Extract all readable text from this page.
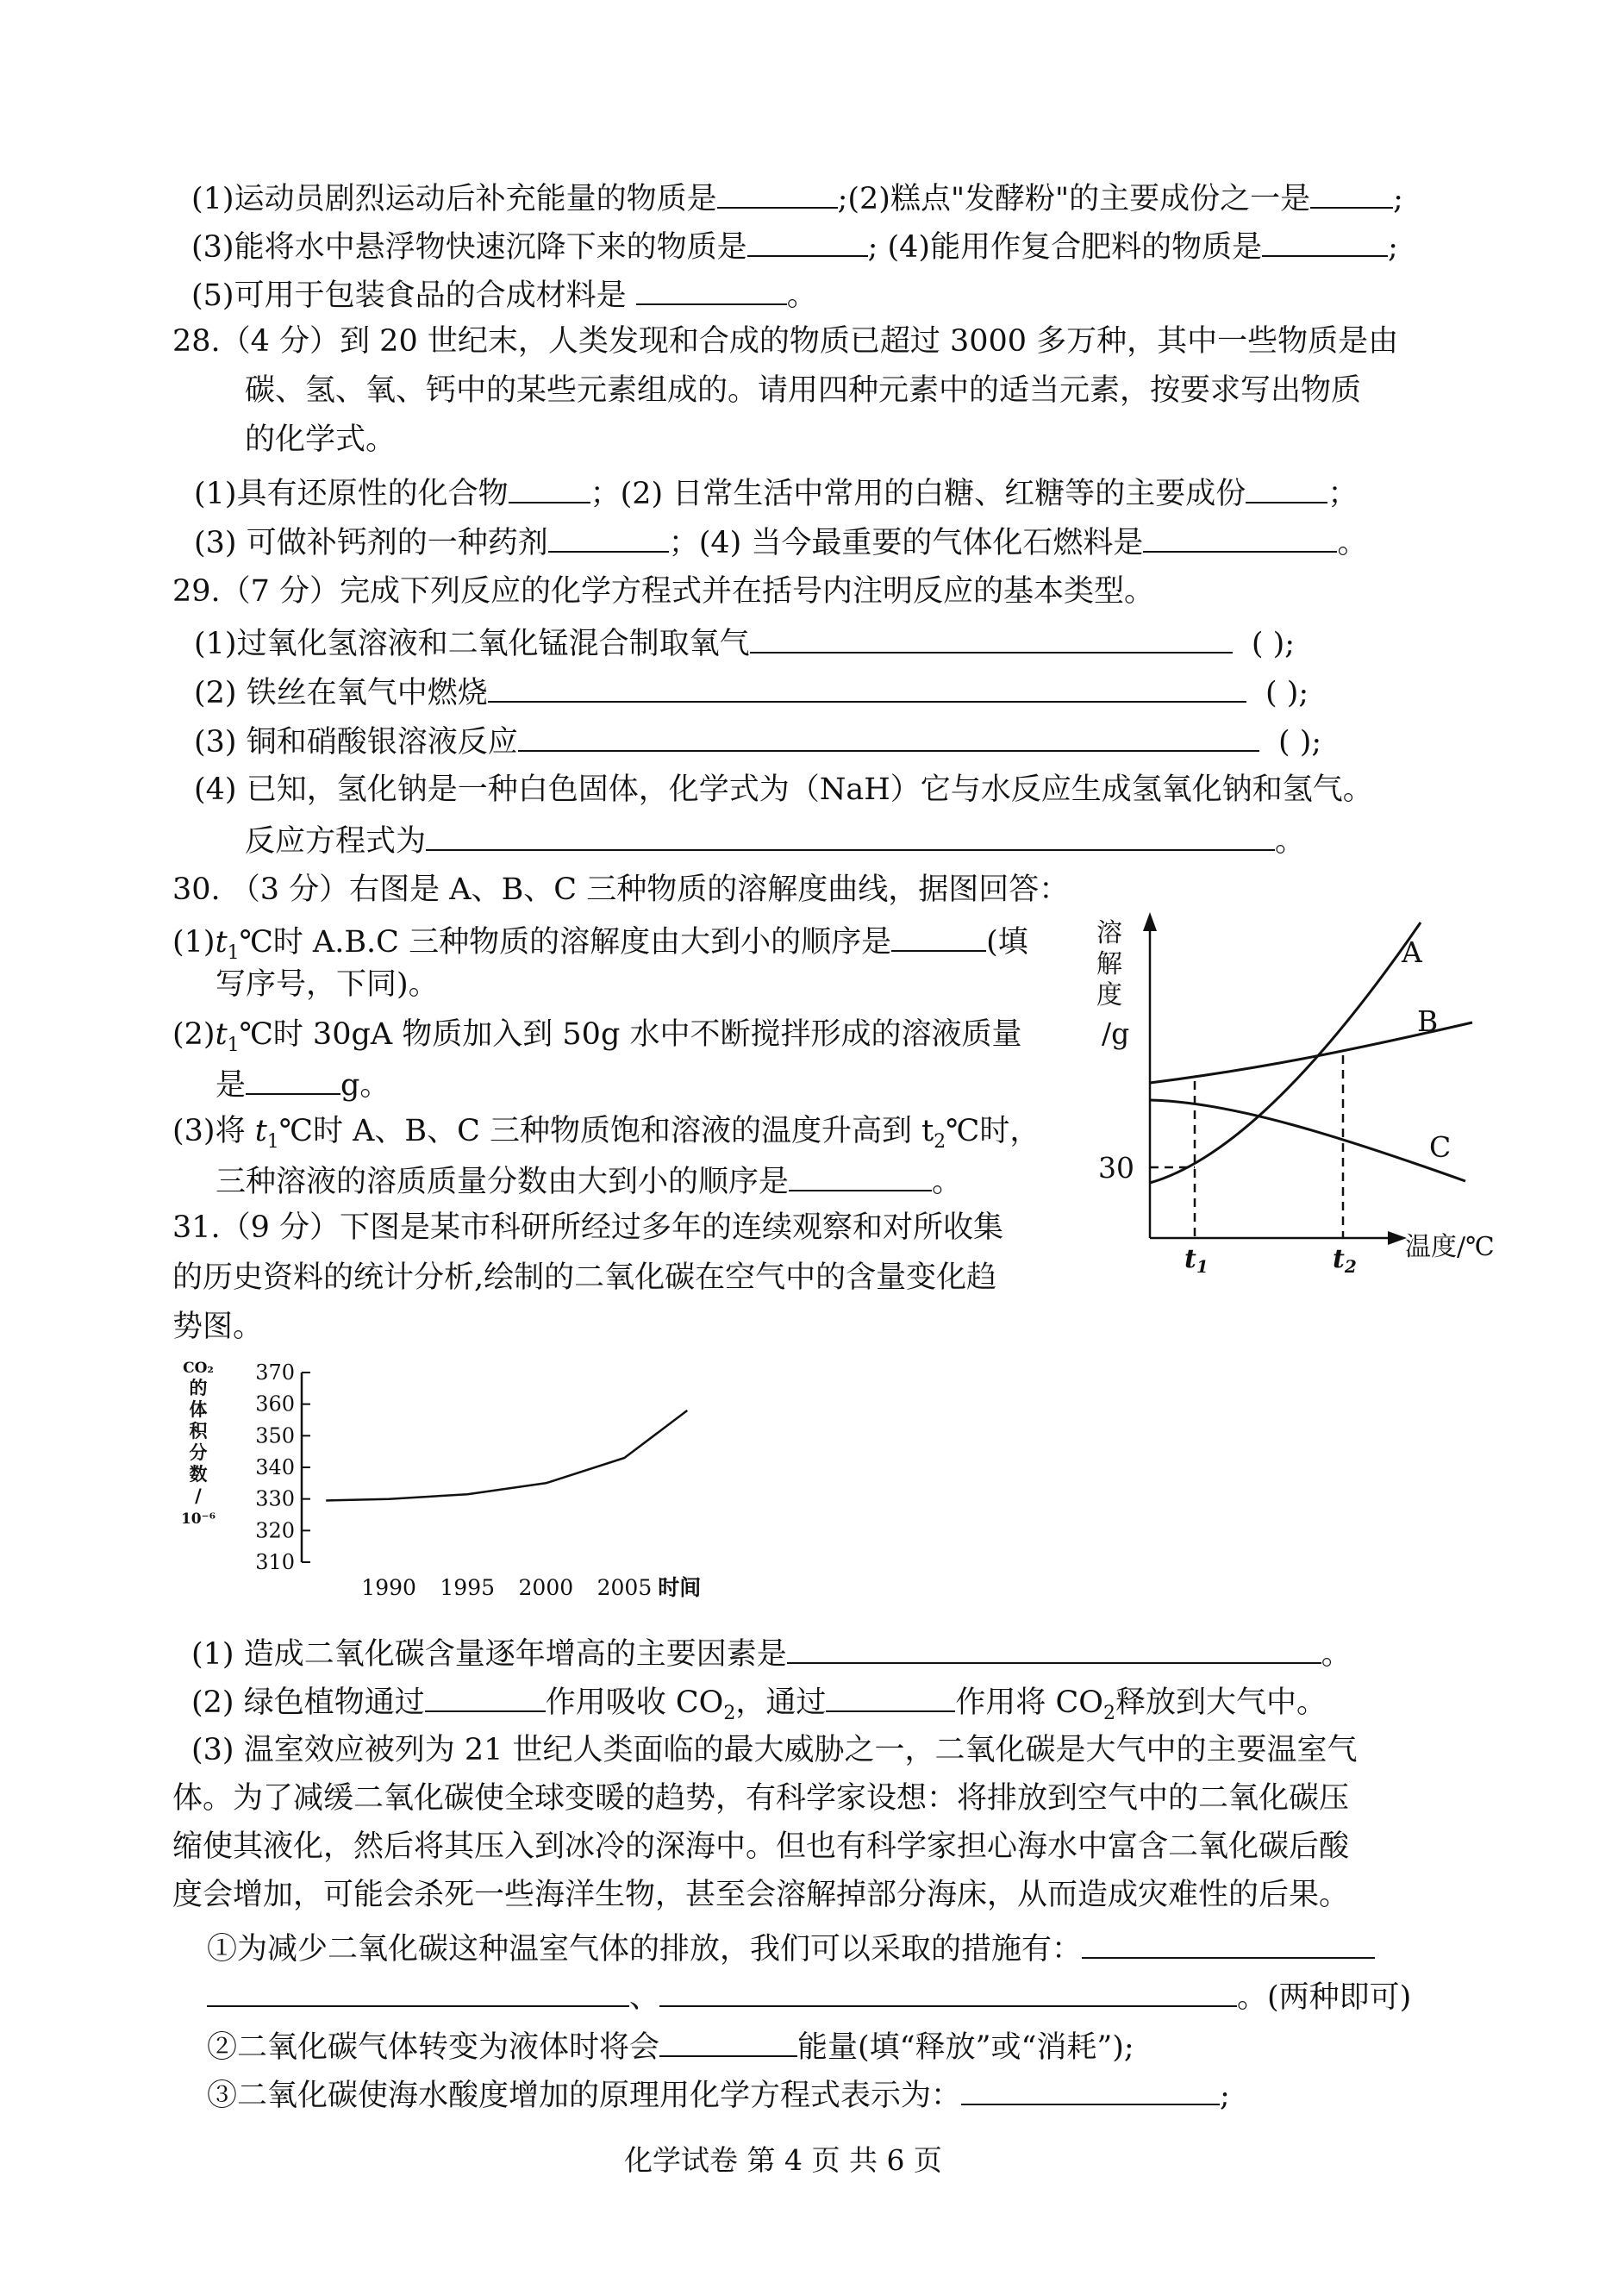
(1)运动员剧烈运动后补充能量的物质是	;(2)糕点"发酵粉"的主要成份之一是	;
(3)能将水中悬浮物快速沉降下来的物质是	; (4)能用作复合肥料的物质是	;
(5)可用于包装食品的合成材料是	。
28.（4 分）到 20 世纪末，人类发现和合成的物质已超过 3000 多万种，其中一些物质是由
碳、氢、氧、钙中的某些元素组成的。请用四种元素中的适当元素，按要求写出物质
的化学式。
(1)具有还原性的化合物	；(2) 日常生活中常用的白糖、红糖等的主要成份	；
(3) 可做补钙剂的一种药剂	；(4) 当今最重要的气体化石燃料是	。
29.（7 分）完成下列反应的化学方程式并在括号内注明反应的基本类型。
(1)过氧化氢溶液和二氧化锰混合制取氧气	( );
(2) 铁丝在氧气中燃烧	( );
(3) 铜和硝酸银溶液反应	( );
(4) 已知，氢化钠是一种白色固体，化学式为（NaH）它与水反应生成氢氧化钠和氢气。
反应方程式为	。
30. （3 分）右图是 A、B、C 三种物质的溶解度曲线，据图回答：
$(1)t_1℃$时 A.B.C 三种物质的溶解度由大到小的顺序是	(填
写序号，下同)。
$(2)t_1℃$时 30gA 物质加入到 50g 水中不断搅拌形成的溶液质量
是	g。
(3)将 $t_1℃$时 A、B、C 三种物质饱和溶液的温度升高到 $t_2℃$时，
三种溶液的溶质质量分数由大到小的顺序是	。
溶
解
度
/g
温度/℃
A
B
C
30
$t_1$	$t_2$
31.（9 分）下图是某市科研所经过多年的连续观察和对所收集
的历史资料的统计分析,绘制的二氧化碳在空气中的含量变化趋
势图。
310
320
330
340
350
360
370
CO₂
的
体
积
分
数
/
10⁻⁶
1990 1995 2000 2005 时间
(1) 造成二氧化碳含量逐年增高的主要因素是	。
(2) 绿色植物通过	作用吸收 $CO_2$，通过	作用将 $CO_2$释放到大气中。
(3) 温室效应被列为 21 世纪人类面临的最大威胁之一，二氧化碳是大气中的主要温室气
体。为了减缓二氧化碳使全球变暖的趋势，有科学家设想：将排放到空气中的二氧化碳压
缩使其液化，然后将其压入到冰冷的深海中。但也有科学家担心海水中富含二氧化碳后酸
度会增加，可能会杀死一些海洋生物，甚至会溶解掉部分海床，从而造成灾难性的后果。
①为减少二氧化碳这种温室气体的排放，我们可以采取的措施有：
、	。(两种即可)
②二氧化碳气体转变为液体时将会	能量(填“释放”或“消耗”);
③二氧化碳使海水酸度增加的原理用化学方程式表示为：	;
化学试卷 第 4 页 共 6 页
